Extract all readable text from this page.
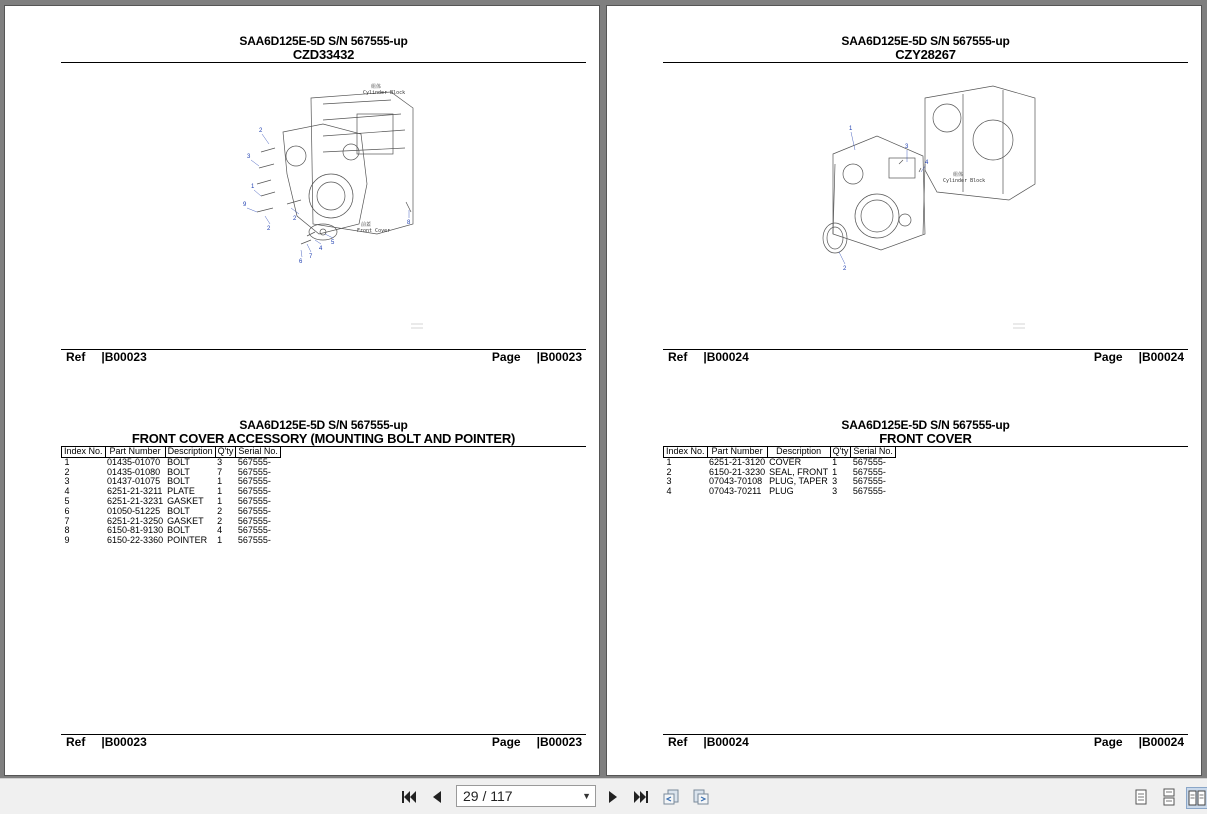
SAA6D125E-5D S/N 567555-up
CZD33432
組体
Cylinder Block
前蓋
Front Cover
2
3
1
9
2
2
5
4
7
6
8
Ref |B00023	Page |B00023
SAA6D125E-5D S/N 567555-up
FRONT COVER ACCESSORY (MOUNTING BOLT AND POINTER)
Index No.	Part Number	Description	Q'ty	Serial No.
1	01435-01070	BOLT	3	567555-
2	01435-01080	BOLT	7	567555-
3	01437-01075	BOLT	1	567555-
4	6251-21-3211	PLATE	1	567555-
5	6251-21-3231	GASKET	1	567555-
6	01050-51225	BOLT	2	567555-
7	6251-21-3250	GASKET	2	567555-
8	6150-81-9130	BOLT	4	567555-
9	6150-22-3360	POINTER	1	567555-
Ref |B00023	Page |B00023
SAA6D125E-5D S/N 567555-up
CZY28267
組体
Cylinder Block
1
3
4
2
Ref |B00024	Page |B00024
SAA6D125E-5D S/N 567555-up
FRONT COVER
Index No.	Part Number	Description	Q'ty	Serial No.
1	6251-21-3120	COVER	1	567555-
2	6150-21-3230	SEAL, FRONT	1	567555-
3	07043-70108	PLUG, TAPER	3	567555-
4	07043-70211	PLUG	3	567555-
Ref |B00024	Page |B00024
29 / 117	▼
